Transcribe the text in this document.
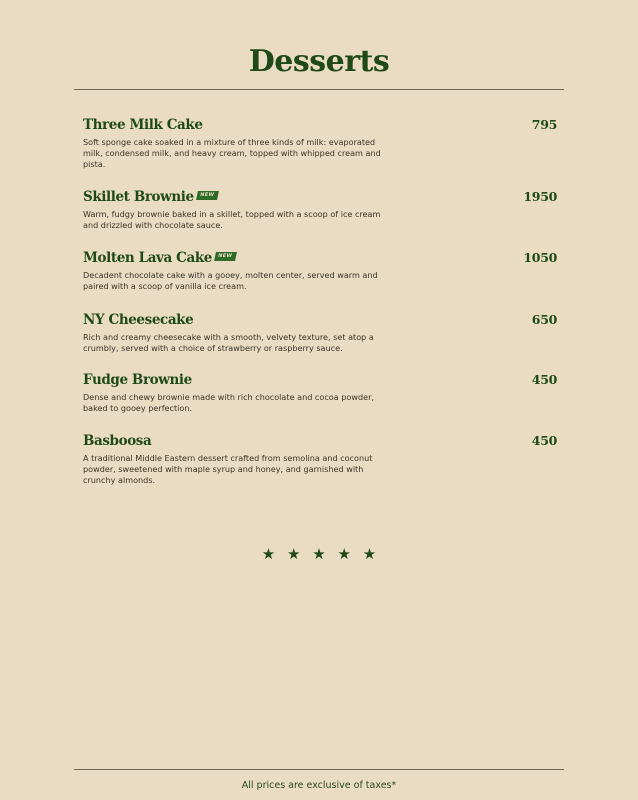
Desserts
Three Milk Cake	795
Soft sponge cake soaked in a mixture of three kinds of milk: evaporated milk, condensed milk, and heavy cream, topped with whipped cream and pista.
Skillet Brownie NEW	1950
Warm, fudgy brownie baked in a skillet, topped with a scoop of ice cream and drizzled with chocolate sauce.
Molten Lava Cake NEW	1050
Decadent chocolate cake with a gooey, molten center, served warm and paired with a scoop of vanilla ice cream.
NY Cheesecake	650
Rich and creamy cheesecake with a smooth, velvety texture, set atop a crumbly, served with a choice of strawberry or raspberry sauce.
Fudge Brownie	450
Dense and chewy brownie made with rich chocolate and cocoa powder, baked to gooey perfection.
Basboosa	450
A traditional Middle Eastern dessert crafted from semolina and coconut powder, sweetened with maple syrup and honey, and garnished with crunchy almonds.
★ ★ ★ ★ ★
All prices are exclusive of taxes*
